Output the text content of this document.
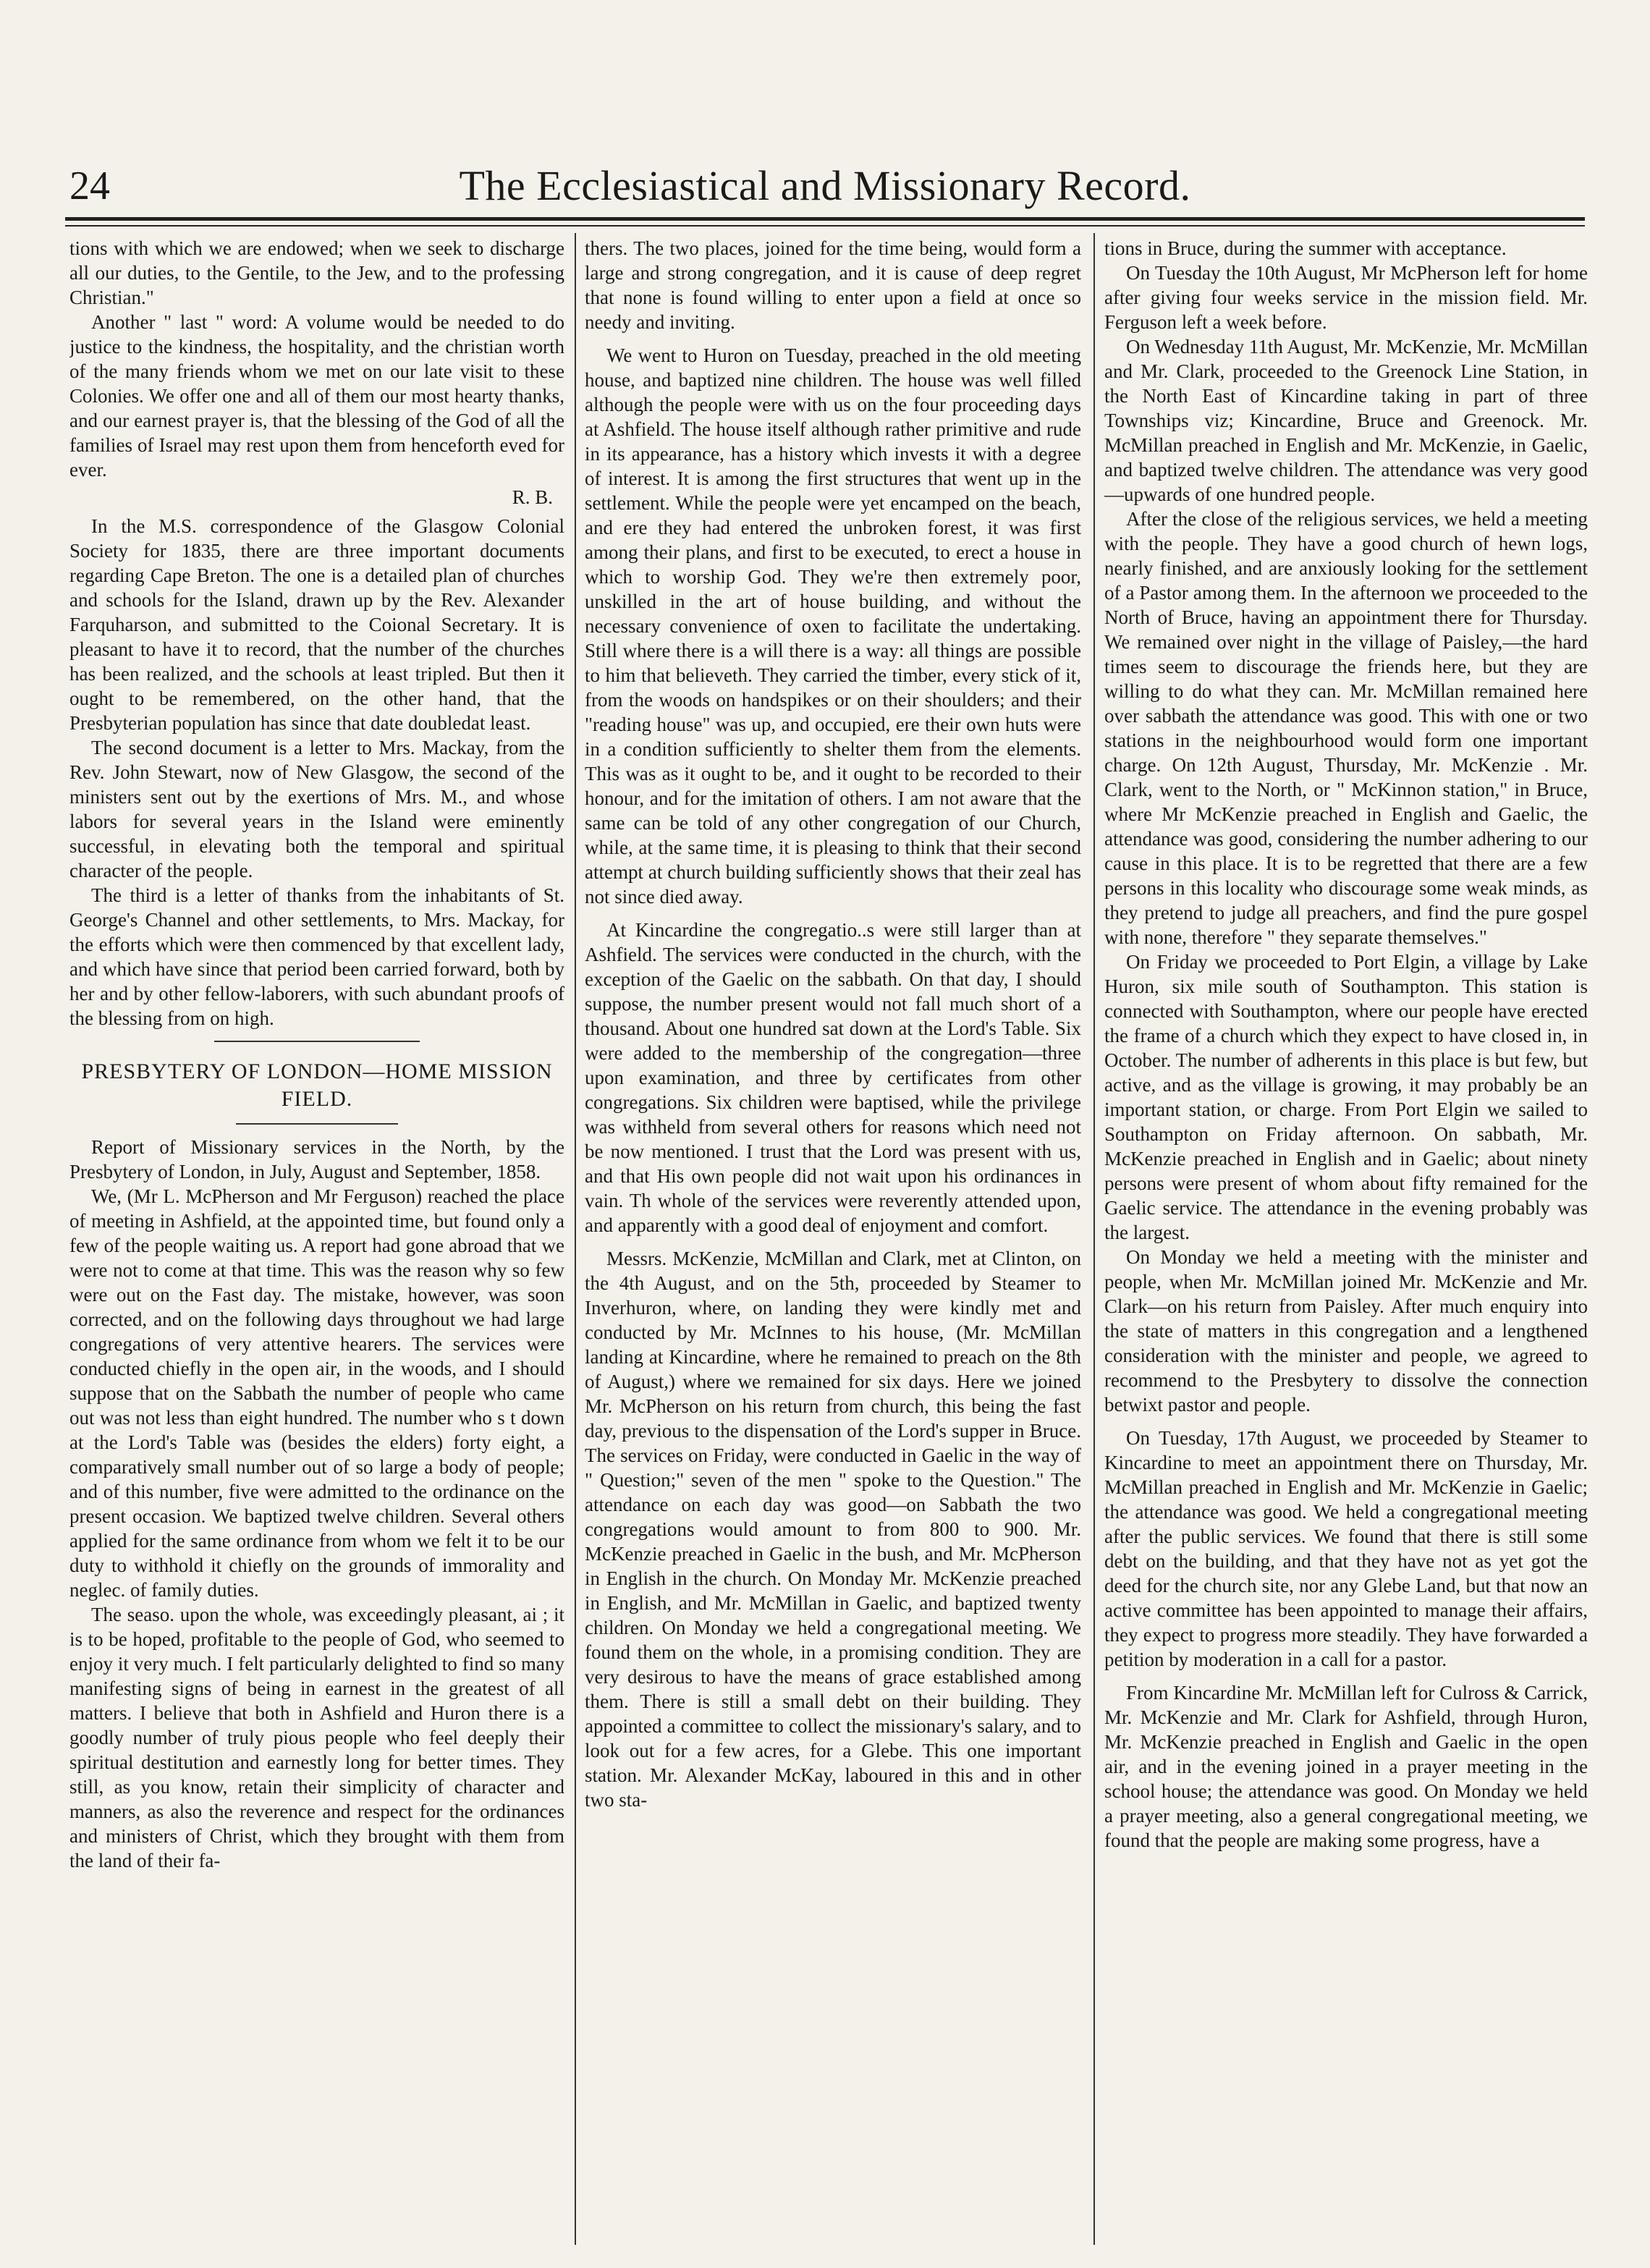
24	The Ecclesiastical and Missionary Record.

tions with which we are endowed; when we seek to discharge all our duties, to the Gentile, to the Jew, and to the professing Christian."

Another " last " word: A volume would be needed to do justice to the kindness, the hospitality, and the christian worth of the many friends whom we met on our late visit to these Colonies. We offer one and all of them our most hearty thanks, and our earnest prayer is, that the blessing of the God of all the families of Israel may rest upon them from henceforth eved for ever.

R. B.

In the M.S. correspondence of the Glasgow Colonial Society for 1835, there are three important documents regarding Cape Breton. The one is a detailed plan of churches and schools for the Island, drawn up by the Rev. Alexander Farquharson, and submitted to the Coional Secretary. It is pleasant to have it to record, that the number of the churches has been realized, and the schools at least tripled. But then it ought to be remembered, on the other hand, that the Presbyterian population has since that date doubledat least.

The second document is a letter to Mrs. Mackay, from the Rev. John Stewart, now of New Glasgow, the second of the ministers sent out by the exertions of Mrs. M., and whose labors for several years in the Island were eminently successful, in elevating both the temporal and spiritual character of the people.

The third is a letter of thanks from the inhabitants of St. George's Channel and other settlements, to Mrs. Mackay, for the efforts which were then commenced by that excellent lady, and which have since that period been carried forward, both by her and by other fellow-laborers, with such abundant proofs of the blessing from on high.

PRESBYTERY OF LONDON—HOME MISSION FIELD.

Report of Missionary services in the North, by the Presbytery of London, in July, August and September, 1858.

We, (Mr L. McPherson and Mr Ferguson) reached the place of meeting in Ashfield, at the appointed time, but found only a few of the people waiting us. A report had gone abroad that we were not to come at that time. This was the reason why so few were out on the Fast day. The mistake, however, was soon corrected, and on the following days throughout we had large congregations of very attentive hearers. The services were conducted chiefly in the open air, in the woods, and I should suppose that on the Sabbath the number of people who came out was not less than eight hundred. The number who s t down at the Lord's Table was (besides the elders) forty eight, a comparatively small number out of so large a body of people; and of this number, five were admitted to the ordinance on the present occasion. We baptized twelve children. Several others applied for the same ordinance from whom we felt it to be our duty to withhold it chiefly on the grounds of immorality and neglec. of family duties.

The seaso. upon the whole, was exceedingly pleasant, ai ; it is to be hoped, profitable to the people of God, who seemed to enjoy it very much. I felt particularly delighted to find so many manifesting signs of being in earnest in the greatest of all matters. I believe that both in Ashfield and Huron there is a goodly number of truly pious people who feel deeply their spiritual destitution and earnestly long for better times. They still, as you know, retain their simplicity of character and manners, as also the reverence and respect for the ordinances and ministers of Christ, which they brought with them from the land of their fa-

thers. The two places, joined for the time being, would form a large and strong congregation, and it is cause of deep regret that none is found willing to enter upon a field at once so needy and inviting.

We went to Huron on Tuesday, preached in the old meeting house, and baptized nine children. The house was well filled although the people were with us on the four proceeding days at Ashfield. The house itself although rather primitive and rude in its appearance, has a history which invests it with a degree of interest. It is among the first structures that went up in the settlement. While the people were yet encamped on the beach, and ere they had entered the unbroken forest, it was first among their plans, and first to be executed, to erect a house in which to worship God. They we're then extremely poor, unskilled in the art of house building, and without the necessary convenience of oxen to facilitate the undertaking. Still where there is a will there is a way: all things are possible to him that believeth. They carried the timber, every stick of it, from the woods on handspikes or on their shoulders; and their "reading house" was up, and occupied, ere their own huts were in a condition sufficiently to shelter them from the elements. This was as it ought to be, and it ought to be recorded to their honour, and for the imitation of others. I am not aware that the same can be told of any other congregation of our Church, while, at the same time, it is pleasing to think that their second attempt at church building sufficiently shows that their zeal has not since died away.

At Kincardine the congregatio..s were still larger than at Ashfield. The services were conducted in the church, with the exception of the Gaelic on the sabbath. On that day, I should suppose, the number present would not fall much short of a thousand. About one hundred sat down at the Lord's Table. Six were added to the membership of the congregation—three upon examination, and three by certificates from other congregations. Six children were baptised, while the privilege was withheld from several others for reasons which need not be now mentioned. I trust that the Lord was present with us, and that His own people did not wait upon his ordinances in vain. Th whole of the services were reverently attended upon, and apparently with a good deal of enjoyment and comfort.

Messrs. McKenzie, McMillan and Clark, met at Clinton, on the 4th August, and on the 5th, proceeded by Steamer to Inverhuron, where, on landing they were kindly met and conducted by Mr. McInnes to his house, (Mr. McMillan landing at Kincardine, where he remained to preach on the 8th of August,) where we remained for six days. Here we joined Mr. McPherson on his return from church, this being the fast day, previous to the dispensation of the Lord's supper in Bruce. The services on Friday, were conducted in Gaelic in the way of " Question;" seven of the men " spoke to the Question." The attendance on each day was good—on Sabbath the two congregations would amount to from 800 to 900. Mr. McKenzie preached in Gaelic in the bush, and Mr. McPherson in English in the church. On Monday Mr. McKenzie preached in English, and Mr. McMillan in Gaelic, and baptized twenty children. On Monday we held a congregational meeting. We found them on the whole, in a promising condition. They are very desirous to have the means of grace established among them. There is still a small debt on their building. They appointed a committee to collect the missionary's salary, and to look out for a few acres, for a Glebe. This one important station. Mr. Alexander McKay, laboured in this and in other two sta-

tions in Bruce, during the summer with acceptance.

On Tuesday the 10th August, Mr McPherson left for home after giving four weeks service in the mission field. Mr. Ferguson left a week before.

On Wednesday 11th August, Mr. McKenzie, Mr. McMillan and Mr. Clark, proceeded to the Greenock Line Station, in the North East of Kincardine taking in part of three Townships viz; Kincardine, Bruce and Greenock. Mr. McMillan preached in English and Mr. McKenzie, in Gaelic, and baptized twelve children. The attendance was very good—upwards of one hundred people.

After the close of the religious services, we held a meeting with the people. They have a good church of hewn logs, nearly finished, and are anxiously looking for the settlement of a Pastor among them. In the afternoon we proceeded to the North of Bruce, having an appointment there for Thursday. We remained over night in the village of Paisley,—the hard times seem to discourage the friends here, but they are willing to do what they can. Mr. McMillan remained here over sabbath the attendance was good. This with one or two stations in the neighbourhood would form one important charge. On 12th August, Thursday, Mr. McKenzie . Mr. Clark, went to the North, or " McKinnon station," in Bruce, where Mr McKenzie preached in English and Gaelic, the attendance was good, considering the number adhering to our cause in this place. It is to be regretted that there are a few persons in this locality who discourage some weak minds, as they pretend to judge all preachers, and find the pure gospel with none, therefore " they separate themselves."

On Friday we proceeded to Port Elgin, a village by Lake Huron, six mile south of Southampton. This station is connected with Southampton, where our people have erected the frame of a church which they expect to have closed in, in October. The number of adherents in this place is but few, but active, and as the village is growing, it may probably be an important station, or charge. From Port Elgin we sailed to Southampton on Friday afternoon. On sabbath, Mr. McKenzie preached in English and in Gaelic; about ninety persons were present of whom about fifty remained for the Gaelic service. The attendance in the evening probably was the largest.

On Monday we held a meeting with the minister and people, when Mr. McMillan joined Mr. McKenzie and Mr. Clark—on his return from Paisley. After much enquiry into the state of matters in this congregation and a lengthened consideration with the minister and people, we agreed to recommend to the Presbytery to dissolve the connection betwixt pastor and people.

On Tuesday, 17th August, we proceeded by Steamer to Kincardine to meet an appointment there on Thursday, Mr. McMillan preached in English and Mr. McKenzie in Gaelic; the attendance was good. We held a congregational meeting after the public services. We found that there is still some debt on the building, and that they have not as yet got the deed for the church site, nor any Glebe Land, but that now an active committee has been appointed to manage their affairs, they expect to progress more steadily. They have forwarded a petition by moderation in a call for a pastor.

From Kincardine Mr. McMillan left for Culross & Carrick, Mr. McKenzie and Mr. Clark for Ashfield, through Huron, Mr. McKenzie preached in English and Gaelic in the open air, and in the evening joined in a prayer meeting in the school house; the attendance was good. On Monday we held a prayer meeting, also a general congregational meeting, we found that the people are making some progress, have a
